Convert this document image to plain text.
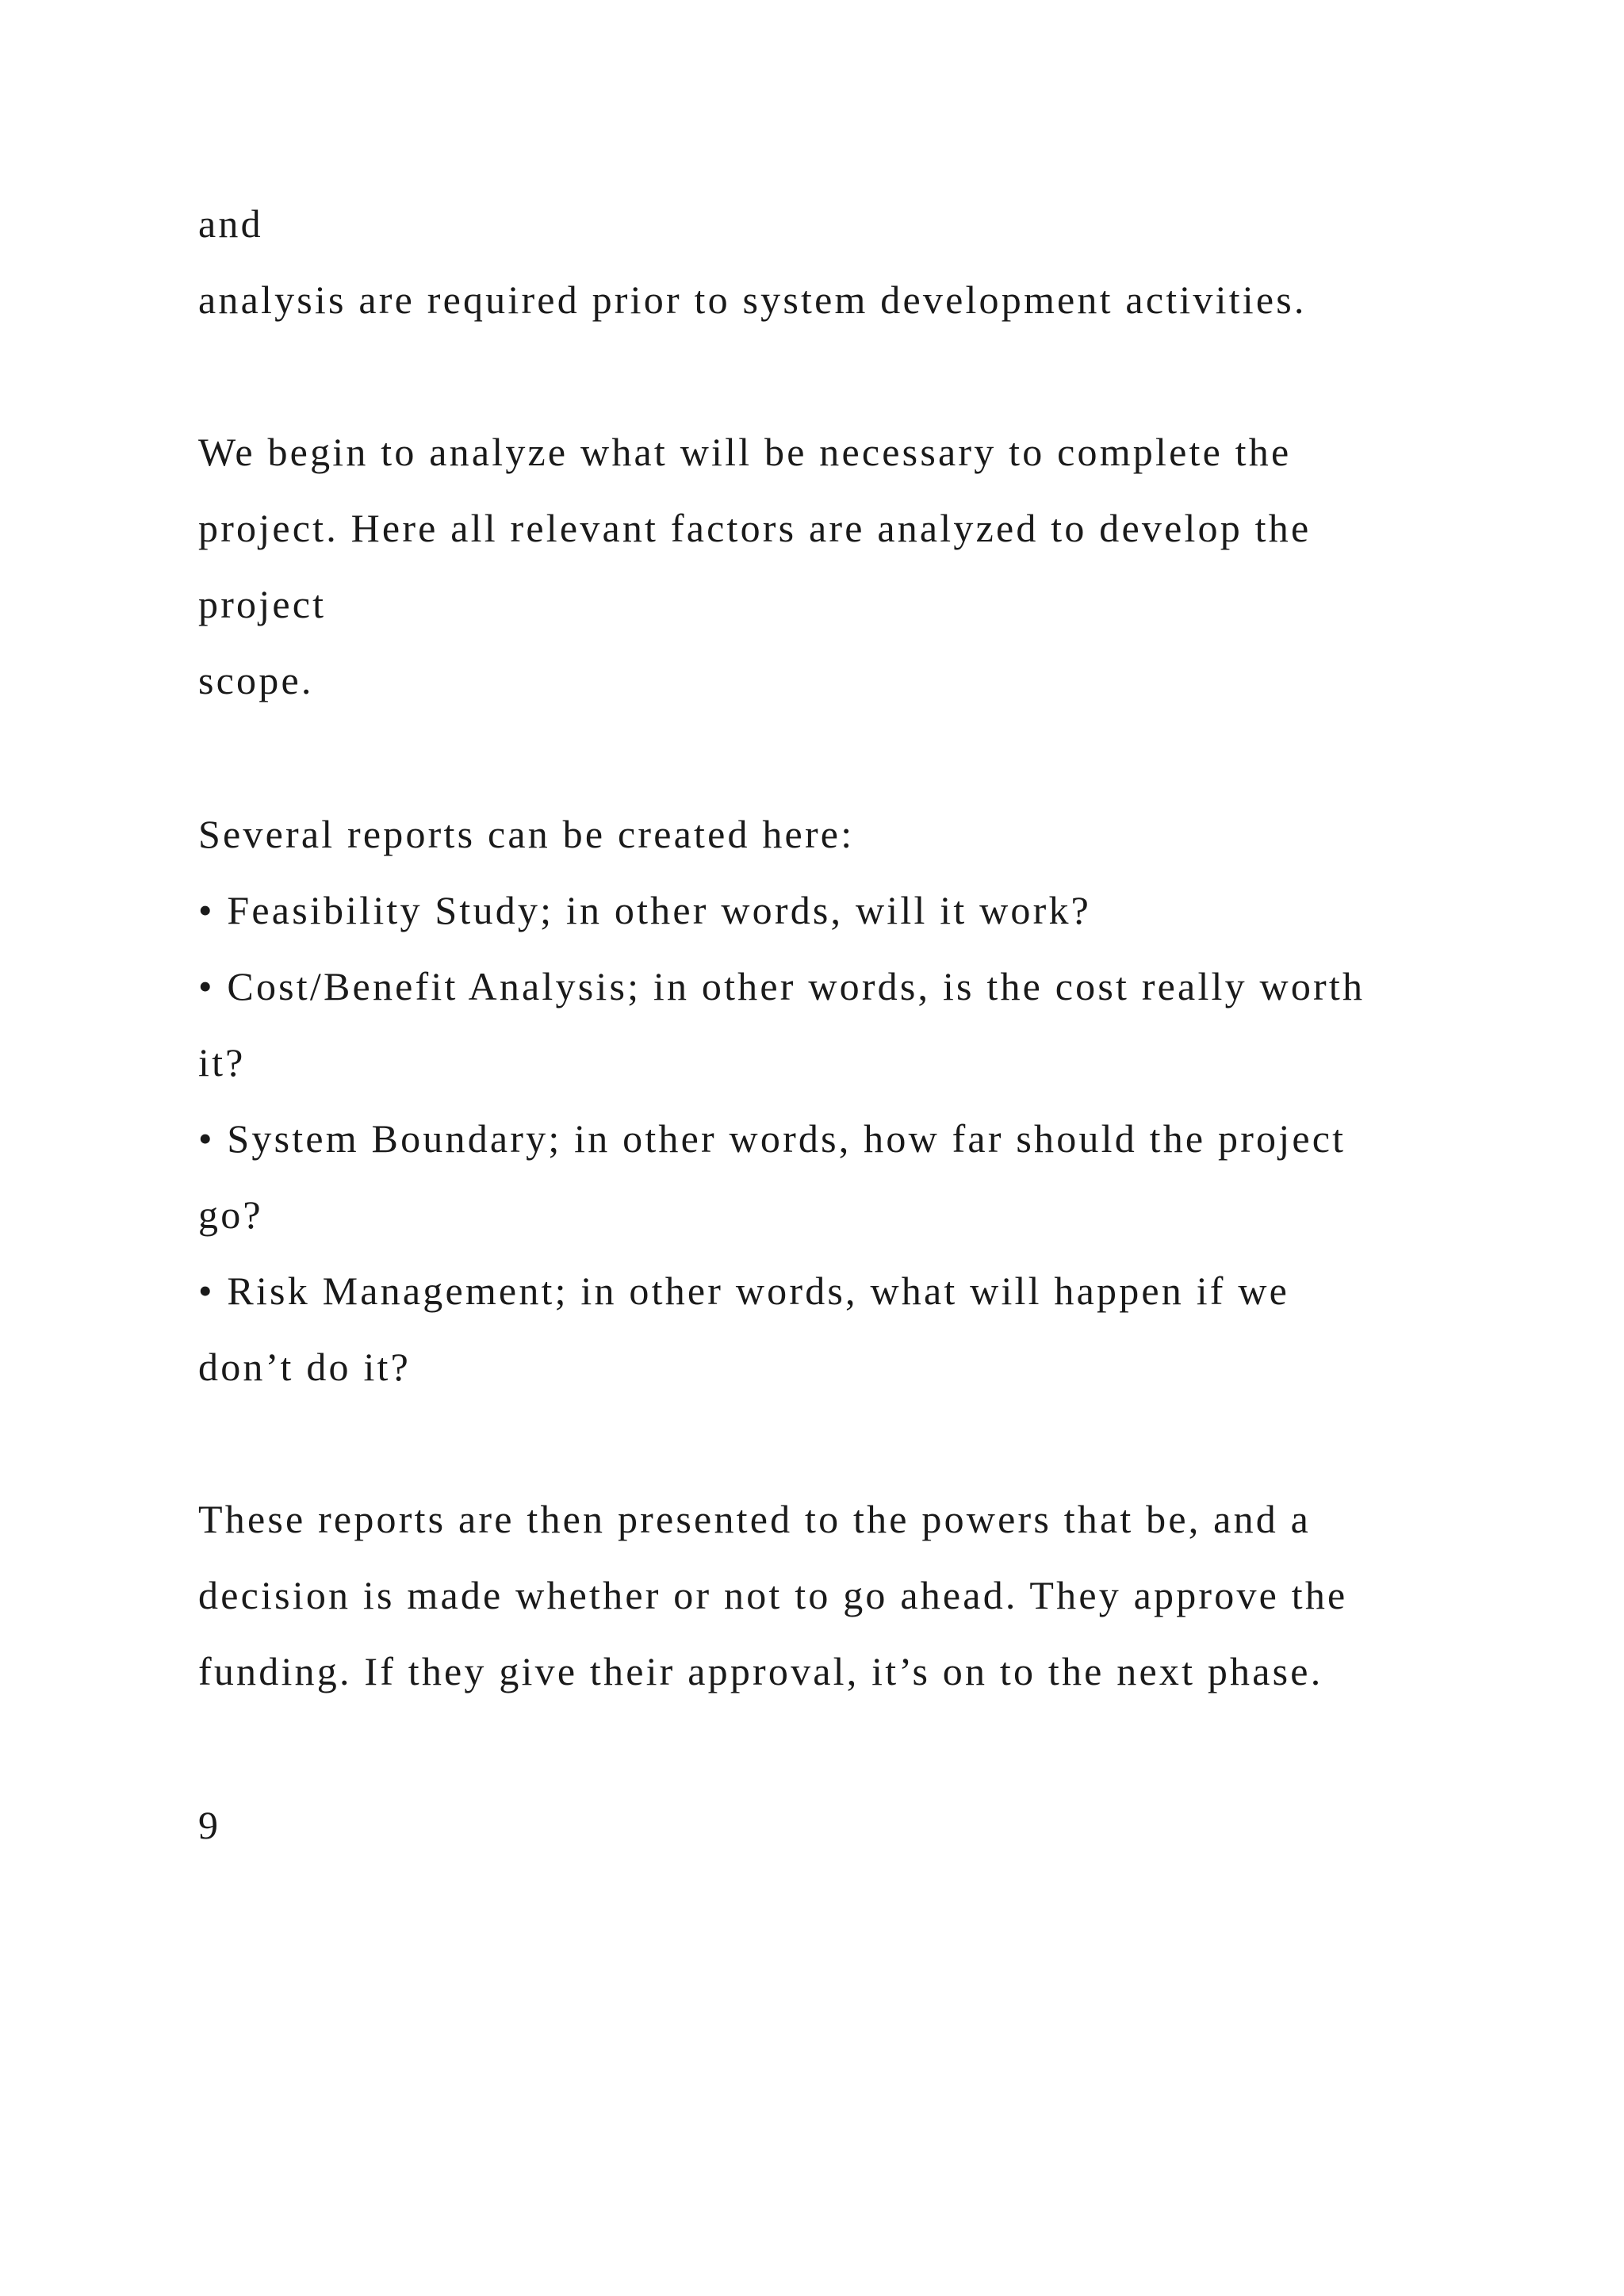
and

analysis are required prior to system development activities.

We begin to analyze what will be necessary to complete the

project. Here all relevant factors are analyzed to develop the

project

scope.

Several reports can be created here:

• Feasibility Study; in other words, will it work?

• Cost/Benefit Analysis; in other words, is the cost really worth

it?

• System Boundary; in other words, how far should the project

go?

• Risk Management; in other words, what will happen if we

don’t do it?

These reports are then presented to the powers that be, and a

decision is made whether or not to go ahead. They approve the

funding. If they give their approval, it’s on to the next phase.

9
